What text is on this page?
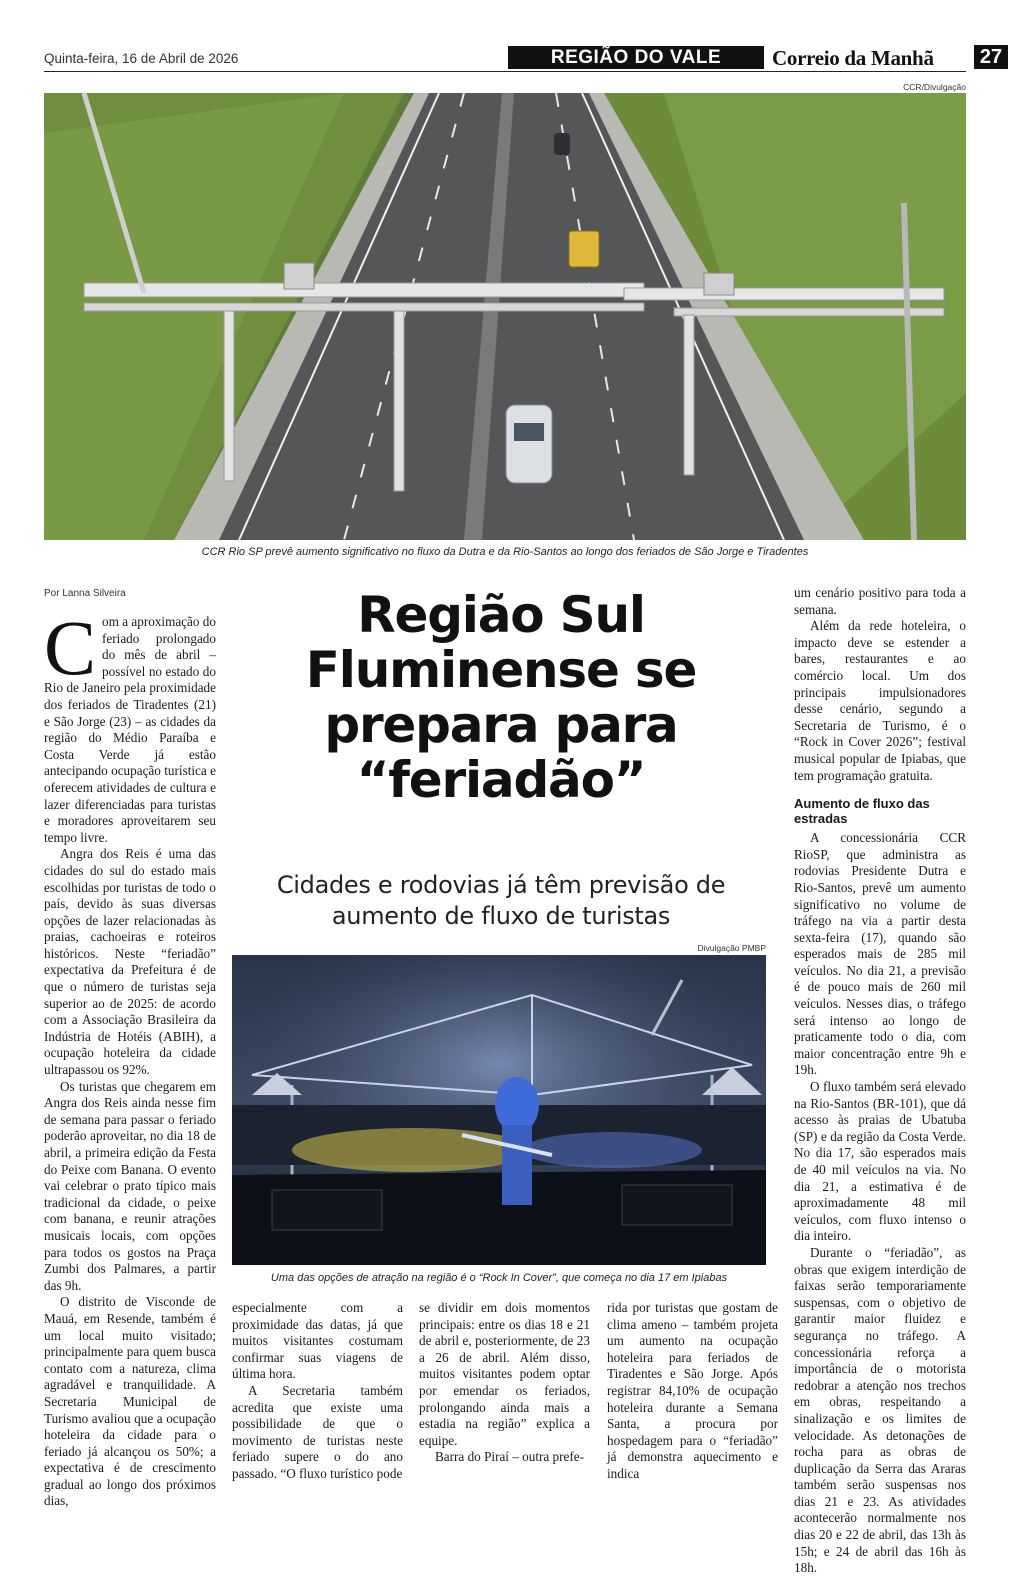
Quinta-feira, 16 de Abril de 2026	REGIÃO DO VALE	Correio da Manhã 27
CCR/Divulgação
CCR Rio SP prevê aumento significativo no fluxo da Dutra e da Rio-Santos ao longo dos feriados de São Jorge e Tiradentes
Por Lanna Silveira	Região Sul Fluminense se prepara para “feriadão”
Cidades e rodovias já têm previsão de aumento de fluxo de turistas

Com a aproximação do feriado prolongado do mês de abril – possível no estado do Rio de Janeiro pela proximidade dos feriados de Tiradentes (21) e São Jorge (23) – as cidades da região do Médio Paraíba e Costa Verde já estão antecipando ocupação turística e oferecem atividades de cultura e lazer diferenciadas para turistas e moradores aproveitarem seu tempo livre.

Angra dos Reis é uma das cidades do sul do estado mais escolhidas por turistas de todo o país, devido às suas diversas opções de lazer relacionadas às praias, cachoeiras e roteiros históricos. Neste “feriadão” expectativa da Prefeitura é de que o número de turistas seja superior ao de 2025: de acordo com a Associação Brasileira da Indústria de Hotéis (ABIH), a ocupação hoteleira da cidade ultrapassou os 92%.

Os turistas que chegarem em Angra dos Reis ainda nesse fim de semana para passar o feriado poderão aproveitar, no dia 18 de abril, a primeira edição da Festa do Peixe com Banana. O evento vai celebrar o prato típico mais tradicional da cidade, o peixe com banana, e reunir atrações musicais locais, com opções para todos os gostos na Praça Zumbi dos Palmares, a partir das 9h.

O distrito de Visconde de Mauá, em Resende, também é um local muito visitado; principalmente para quem busca contato com a natureza, clima agradável e tranquilidade. A Secretaria Municipal de Turismo avaliou que a ocupação hoteleira da cidade para o feriado já alcançou os 50%; a expectativa é de crescimento gradual ao longo dos próximos dias,

Divulgação PMBP
Uma das opções de atração na região é o “Rock In Cover”, que começa no dia 17 em Ipiabas

especialmente com a proximidade das datas, já que muitos visitantes costumam confirmar suas viagens de última hora.

A Secretaria também acredita que existe uma possibilidade de que o movimento de turistas neste feriado supere o do ano passado. “O fluxo turístico pode

se dividir em dois momentos principais: entre os dias 18 e 21 de abril e, posteriormente, de 23 a 26 de abril. Além disso, muitos visitantes podem optar por emendar os feriados, prolongando ainda mais a estadia na região” explica a equipe.

Barra do Piraí – outra prefe-

rida por turistas que gostam de clima ameno – também projeta um aumento na ocupação hoteleira para feriados de Tiradentes e São Jorge. Após registrar 84,10% de ocupação hoteleira durante a Semana Santa, a procura por hospedagem para o “feriadão” já demonstra aquecimento e indica

um cenário positivo para toda a semana.

Além da rede hoteleira, o impacto deve se estender a bares, restaurantes e ao comércio local. Um dos principais impulsionadores desse cenário, segundo a Secretaria de Turismo, é o “Rock in Cover 2026”; festival musical popular de Ipiabas, que tem programação gratuita.

Aumento de fluxo das estradas

A concessionária CCR RioSP, que administra as rodovias Presidente Dutra e Rio-Santos, prevê um aumento significativo no volume de tráfego na via a partir desta sexta-feira (17), quando são esperados mais de 285 mil veículos. No dia 21, a previsão é de pouco mais de 260 mil veículos. Nesses dias, o tráfego será intenso ao longo de praticamente todo o dia, com maior concentração entre 9h e 19h.

O fluxo também será elevado na Rio-Santos (BR-101), que dá acesso às praias de Ubatuba (SP) e da região da Costa Verde. No dia 17, são esperados mais de 40 mil veículos na via. No dia 21, a estimativa é de aproximadamente 48 mil veículos, com fluxo intenso o dia inteiro.

Durante o “feriadão”, as obras que exigem interdição de faixas serão temporariamente suspensas, com o objetivo de garantir maior fluidez e segurança no tráfego. A concessionária reforça a importância de o motorista redobrar a atenção nos trechos em obras, respeitando a sinalização e os limites de velocidade. As detonações de rocha para as obras de duplicação da Serra das Araras também serão suspensas nos dias 21 e 23. As atividades acontecerão normalmente nos dias 20 e 22 de abril, das 13h às 15h; e 24 de abril das 16h às 18h.
